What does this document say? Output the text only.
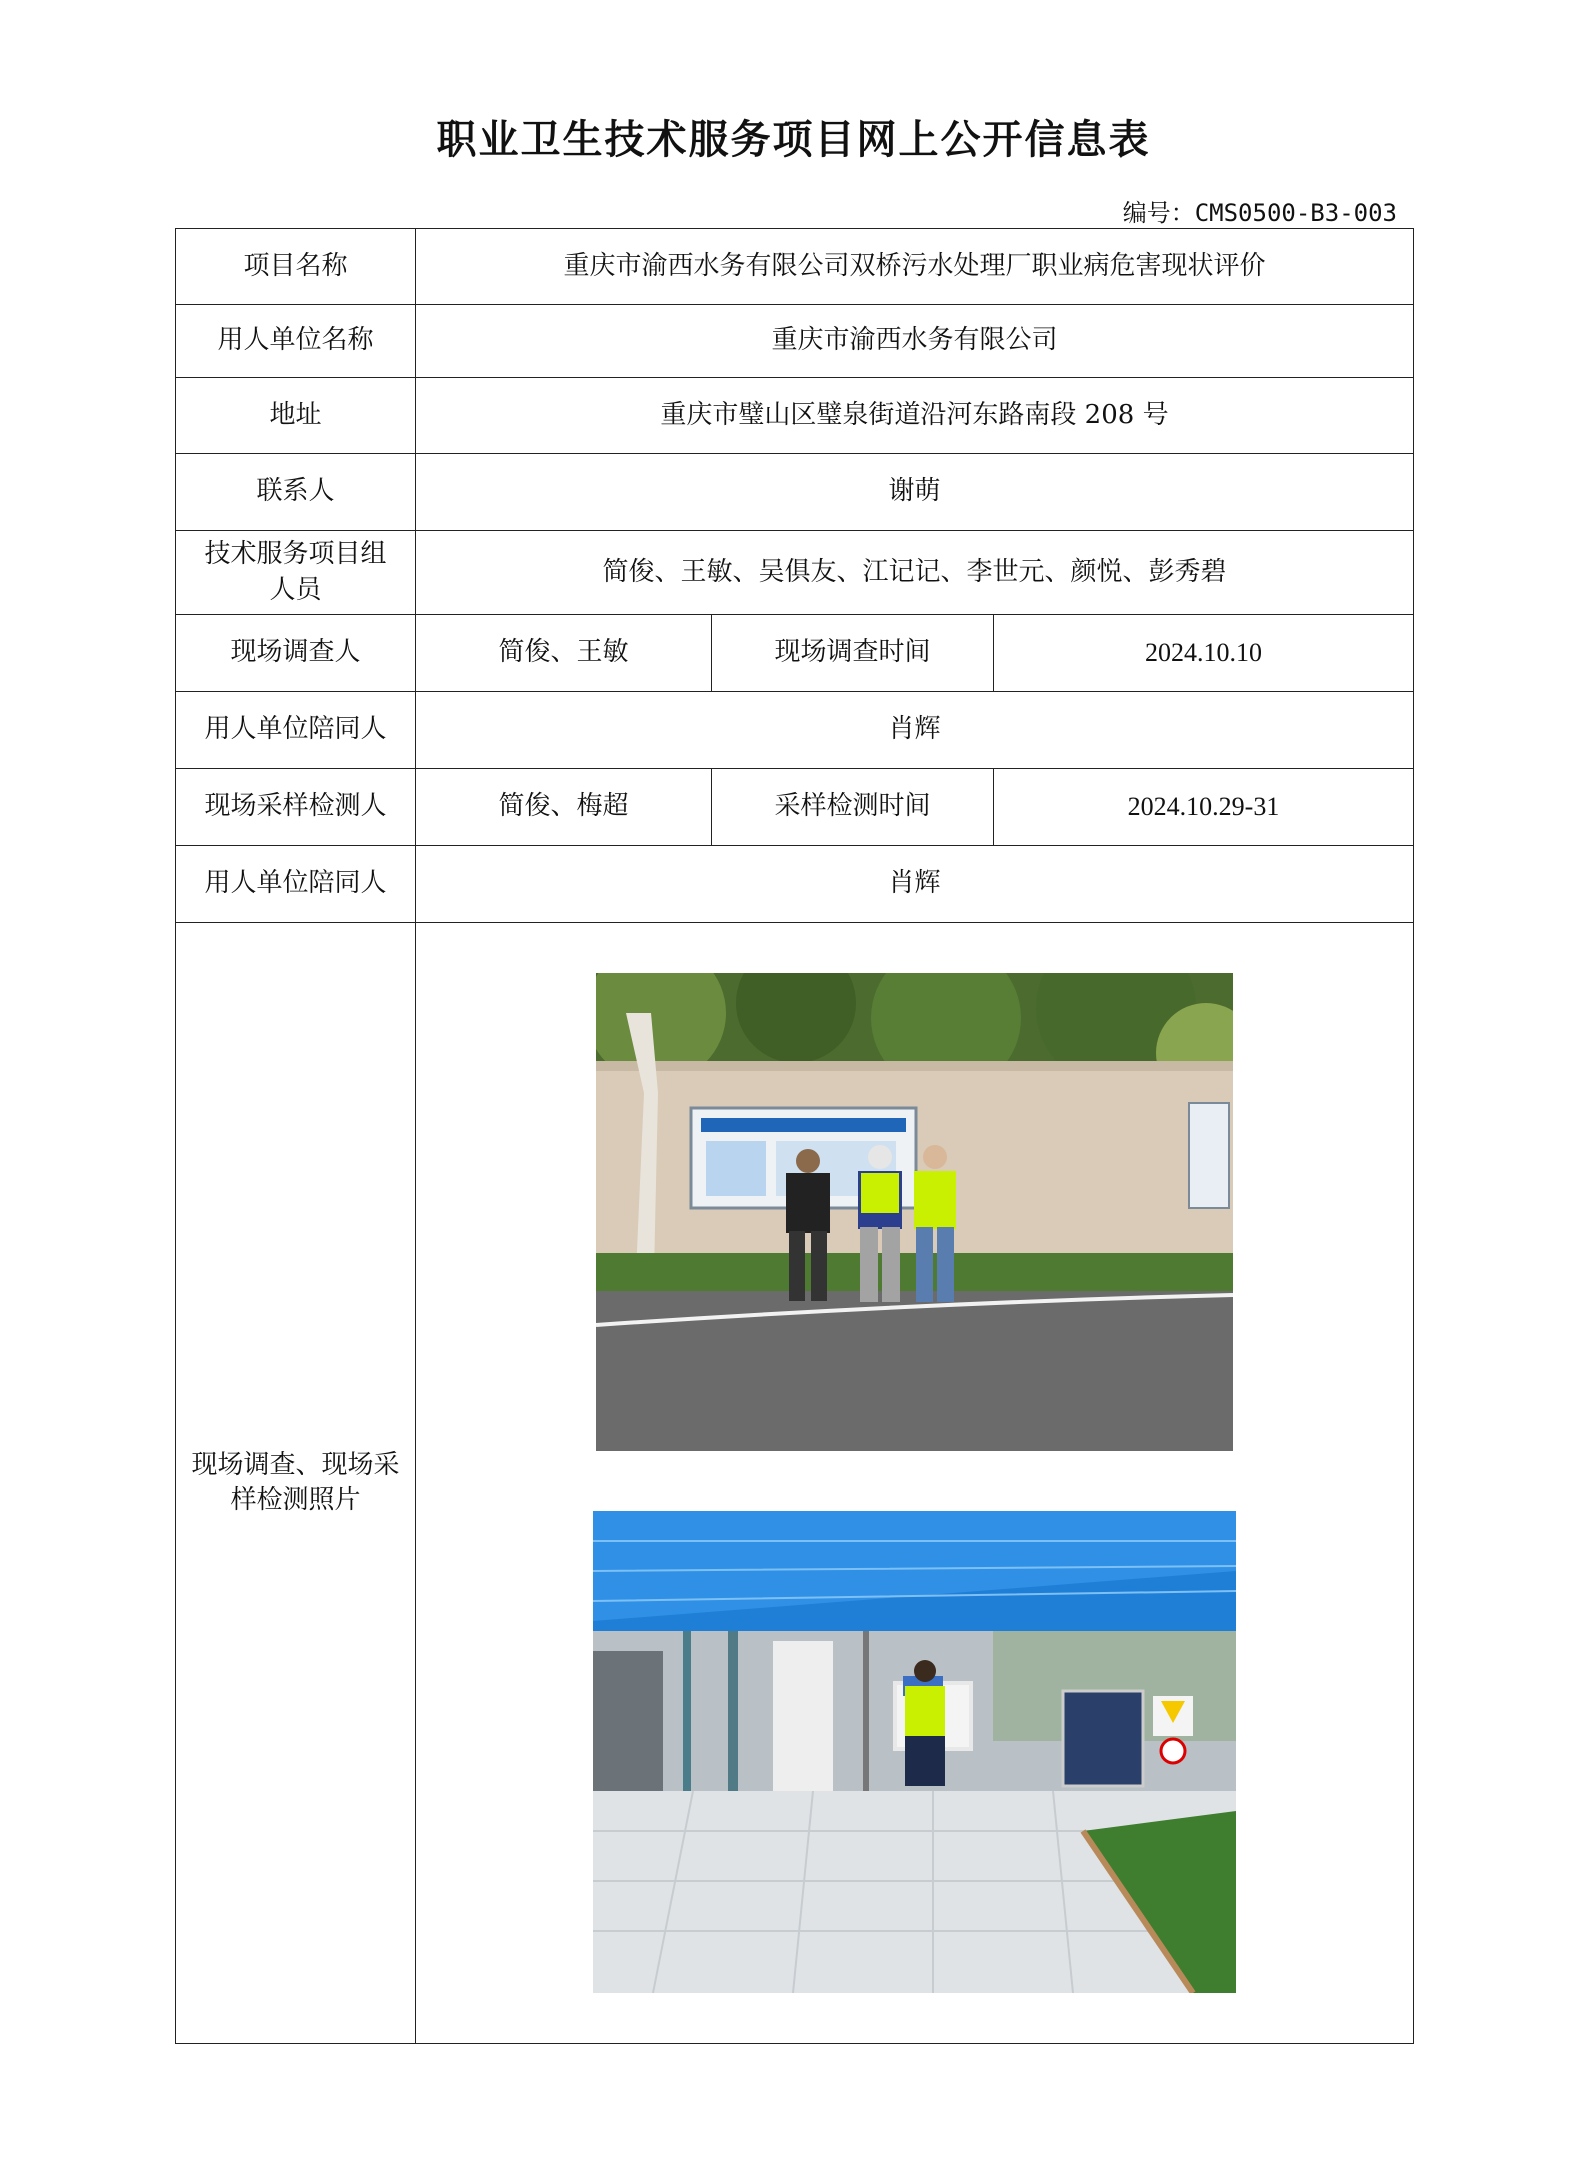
职业卫生技术服务项目网上公开信息表
编号：CMS0500-B3-003
项目名称	重庆市渝西水务有限公司双桥污水处理厂职业病危害现状评价		
用人单位名称	重庆市渝西水务有限公司		
地址	重庆市璧山区璧泉街道沿河东路南段 208 号		
联系人	谢萌		
技术服务项目组人员	简俊、王敏、吴俱友、江记记、李世元、颜悦、彭秀碧		
现场调查人	简俊、王敏	现场调查时间	2024.10.10
用人单位陪同人	肖辉		
现场采样检测人	简俊、梅超	采样检测时间	2024.10.29-31
用人单位陪同人	肖辉		
现场调查、现场采样检测照片	
